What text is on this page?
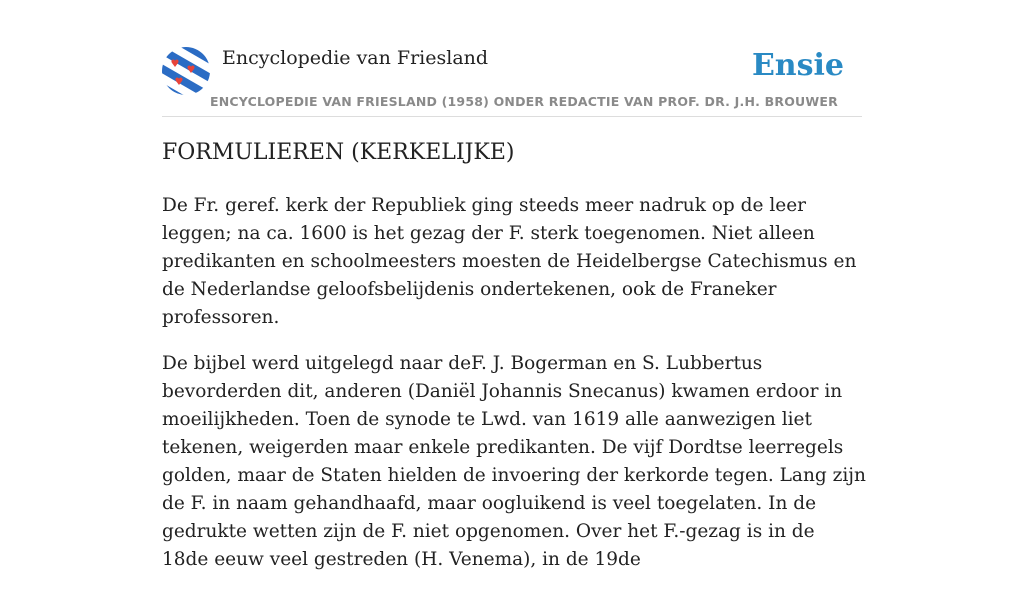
Encyclopedie van Friesland
ENCYCLOPEDIE VAN FRIESLAND (1958) ONDER REDACTIE VAN PROF. DR. J.H. BROUWER
Ensie
FORMULIEREN (KERKELIJKE)

De Fr. geref. kerk der Republiek ging steeds meer nadruk op de leer leggen; na ca. 1600 is het gezag der F. sterk toegenomen. Niet alleen predikanten en schoolmeesters moesten de Heidelbergse Catechismus en de Nederlandse geloofsbelijdenis ondertekenen, ook de Franeker professoren.

De bijbel werd uitgelegd naar deF. J. Bogerman en S. Lubbertus bevorderden dit, anderen (Daniël Johannis Snecanus) kwamen erdoor in moeilijkheden. Toen de synode te Lwd. van 1619 alle aanwezigen liet tekenen, weigerden maar enkele predikanten. De vijf Dordtse leerregels golden, maar de Staten hielden de invoering der kerkorde tegen. Lang zijn de F. in naam gehandhaafd, maar oogluikend is veel toegelaten. In de gedrukte wetten zijn de F. niet opgenomen. Over het F.-gezag is in de 18de eeuw veel gestreden (H. Venema), in de 19de
